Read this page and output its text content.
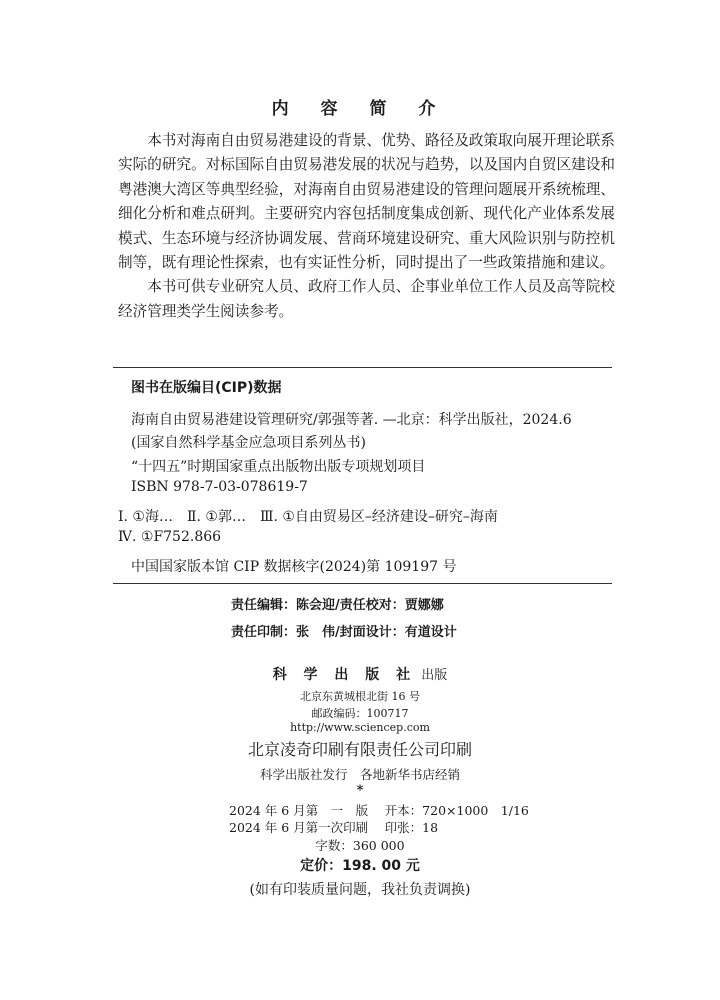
内 容 简 介

本书对海南自由贸易港建设的背景、优势、路径及政策取向展开理论联系实际的研究。对标国际自由贸易港发展的状况与趋势，以及国内自贸区建设和粤港澳大湾区等典型经验，对海南自由贸易港建设的管理问题展开系统梳理、细化分析和难点研判。主要研究内容包括制度集成创新、现代化产业体系发展模式、生态环境与经济协调发展、营商环境建设研究、重大风险识别与防控机制等，既有理论性探索，也有实证性分析，同时提出了一些政策措施和建议。

本书可供专业研究人员、政府工作人员、企事业单位工作人员及高等院校经济管理类学生阅读参考。

图书在版编目(CIP)数据
海南自由贸易港建设管理研究/郭强等著. —北京：科学出版社，2024.6
(国家自然科学基金应急项目系列丛书)
“十四五”时期国家重点出版物出版专项规划项目
ISBN 978-7-03-078619-7
Ⅰ. ①海…　Ⅱ. ①郭…　Ⅲ. ①自由贸易区–经济建设–研究–海南
Ⅳ. ①F752.866
中国国家版本馆 CIP 数据核字(2024)第 109197 号
责任编辑：陈会迎/责任校对：贾娜娜
责任印制：张　伟/封面设计：有道设计
科 学 出 版 社 出版
北京东黄城根北街 16 号
邮政编码：100717
http://www.sciencep.com
北京凌奇印刷有限责任公司印刷
科学出版社发行　各地新华书店经销
*
2024 年 6 月第　一　版　 开本：720×1000　1/16
2024 年 6 月第一次印刷　 印张：18
字数：360 000
定价：198. 00 元
(如有印装质量问题，我社负责调换)
